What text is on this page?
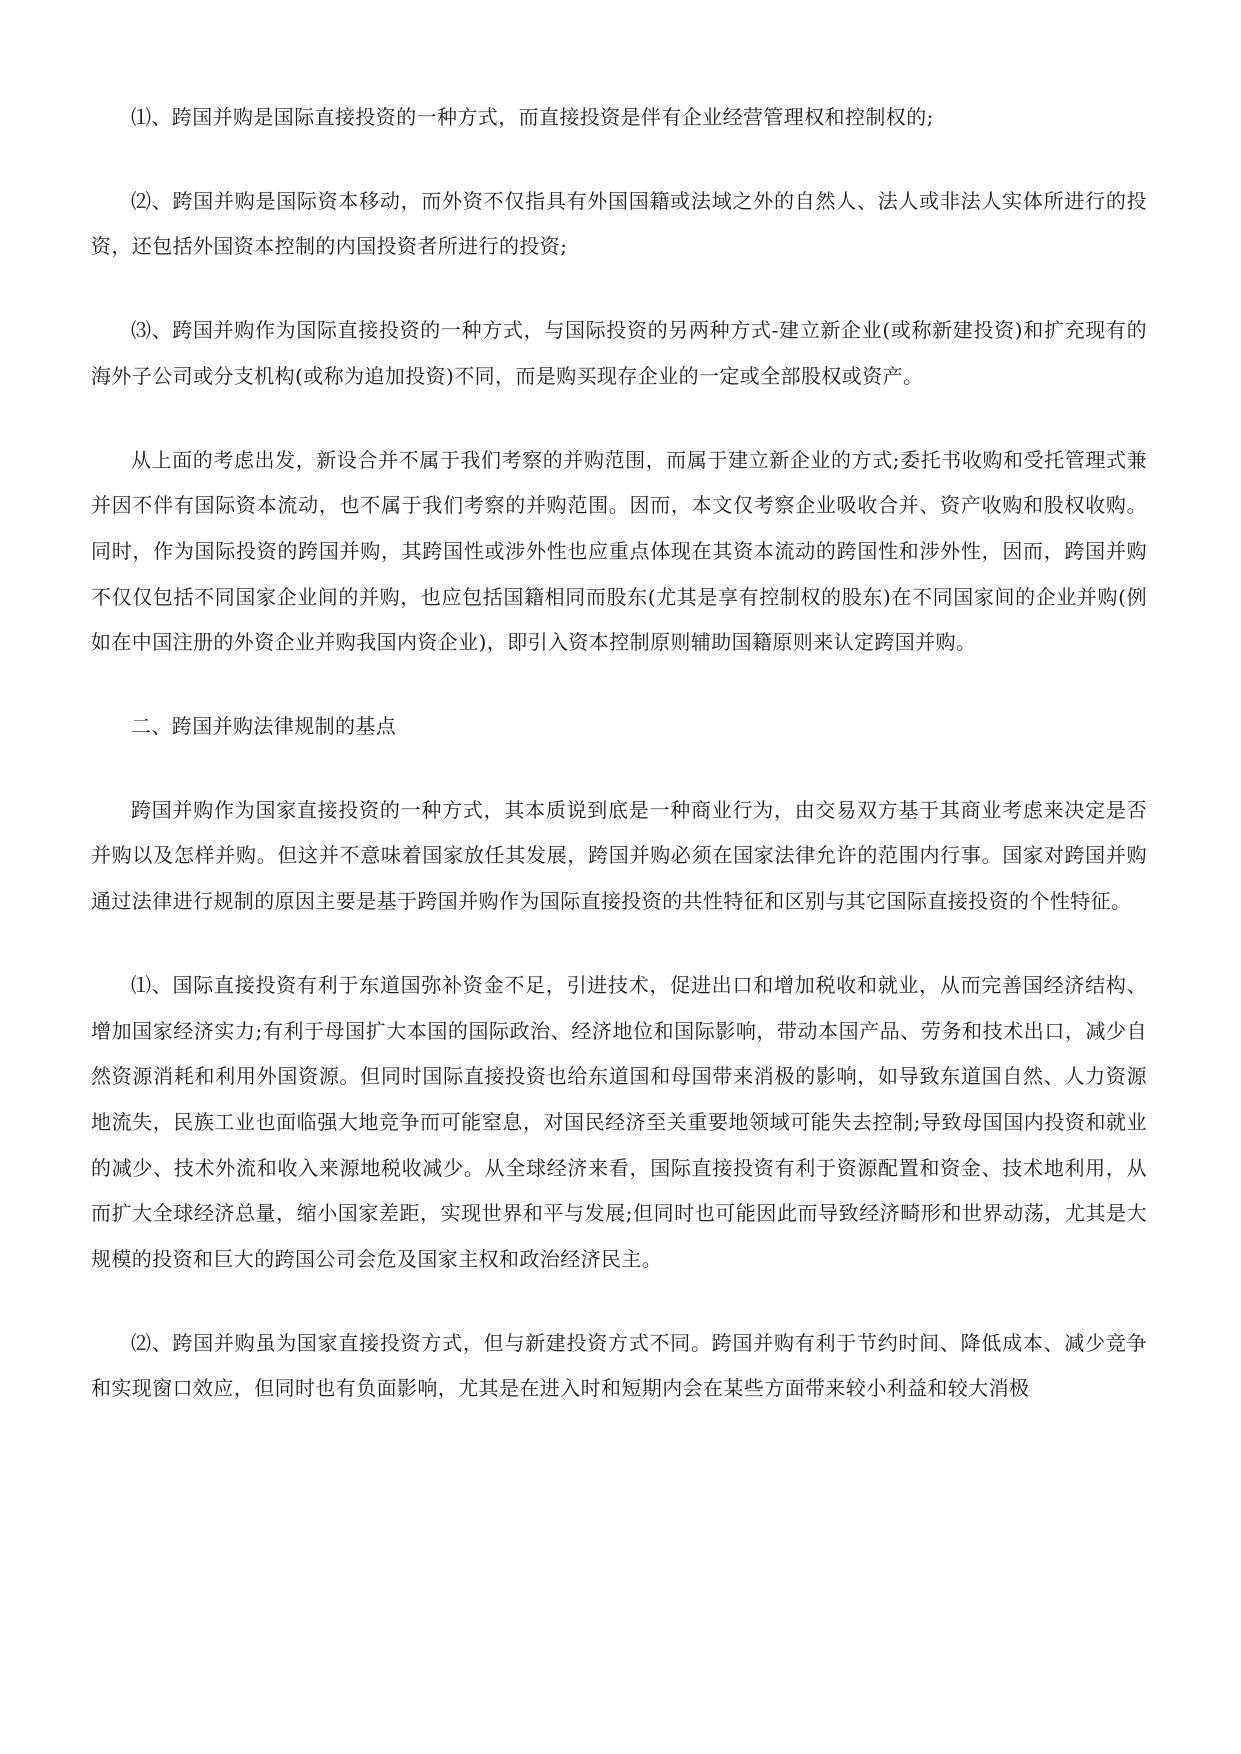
⑴、跨国并购是国际直接投资的一种方式，而直接投资是伴有企业经营管理权和控制权的;

⑵、跨国并购是国际资本移动，而外资不仅指具有外国国籍或法域之外的自然人、法人或非法人实体所进行的投资，还包括外国资本控制的内国投资者所进行的投资;

⑶、跨国并购作为国际直接投资的一种方式，与国际投资的另两种方式-建立新企业(或称新建投资)和扩充现有的海外子公司或分支机构(或称为追加投资)不同，而是购买现存企业的一定或全部股权或资产。

从上面的考虑出发，新设合并不属于我们考察的并购范围，而属于建立新企业的方式;委托书收购和受托管理式兼并因不伴有国际资本流动，也不属于我们考察的并购范围。因而，本文仅考察企业吸收合并、资产收购和股权收购。同时，作为国际投资的跨国并购，其跨国性或涉外性也应重点体现在其资本流动的跨国性和涉外性，因而，跨国并购不仅仅包括不同国家企业间的并购，也应包括国籍相同而股东(尤其是享有控制权的股东)在不同国家间的企业并购(例如在中国注册的外资企业并购我国内资企业)，即引入资本控制原则辅助国籍原则来认定跨国并购。

二、跨国并购法律规制的基点

跨国并购作为国家直接投资的一种方式，其本质说到底是一种商业行为，由交易双方基于其商业考虑来决定是否并购以及怎样并购。但这并不意味着国家放任其发展，跨国并购必须在国家法律允许的范围内行事。国家对跨国并购通过法律进行规制的原因主要是基于跨国并购作为国际直接投资的共性特征和区别与其它国际直接投资的个性特征。

⑴、国际直接投资有利于东道国弥补资金不足，引进技术，促进出口和增加税收和就业，从而完善国经济结构、增加国家经济实力;有利于母国扩大本国的国际政治、经济地位和国际影响，带动本国产品、劳务和技术出口，减少自然资源消耗和利用外国资源。但同时国际直接投资也给东道国和母国带来消极的影响，如导致东道国自然、人力资源地流失，民族工业也面临强大地竞争而可能窒息，对国民经济至关重要地领域可能失去控制;导致母国国内投资和就业的减少、技术外流和收入来源地税收减少。从全球经济来看，国际直接投资有利于资源配置和资金、技术地利用，从而扩大全球经济总量，缩小国家差距，实现世界和平与发展;但同时也可能因此而导致经济畸形和世界动荡，尤其是大规模的投资和巨大的跨国公司会危及国家主权和政治经济民主。

⑵、跨国并购虽为国家直接投资方式，但与新建投资方式不同。跨国并购有利于节约时间、降低成本、减少竞争和实现窗口效应，但同时也有负面影响，尤其是在进入时和短期内会在某些方面带来较小利益和较大消极
